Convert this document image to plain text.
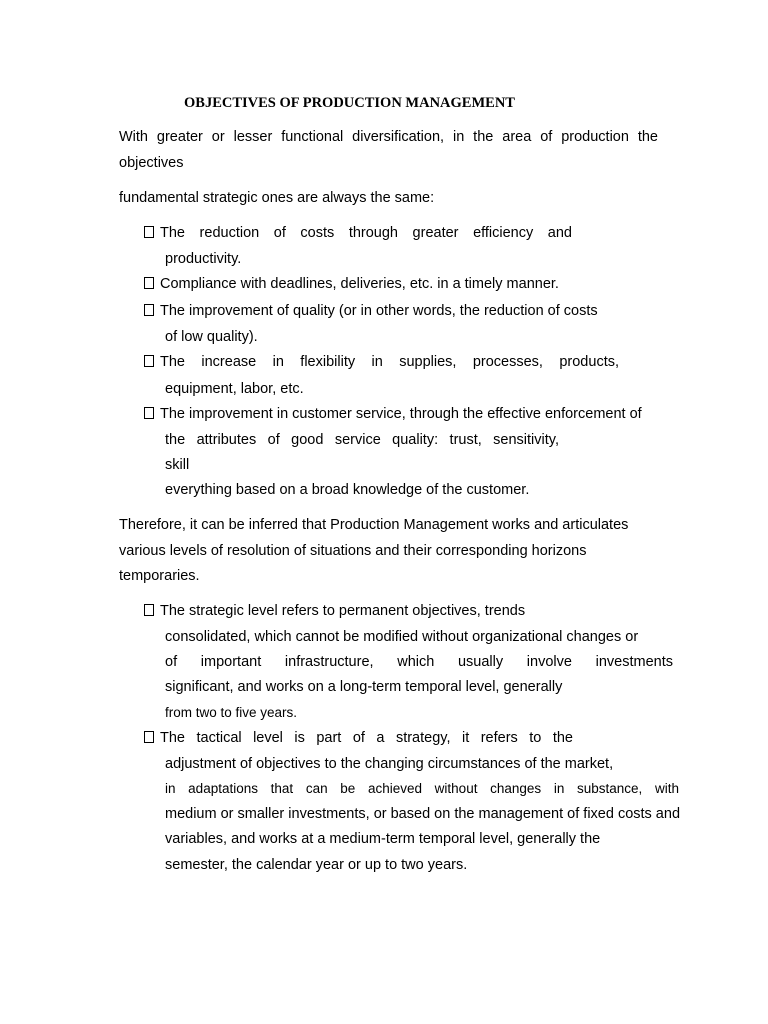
OBJECTIVES OF PRODUCTION MANAGEMENT
With greater or lesser functional diversification, in the area of production the
objectives
fundamental strategic ones are always the same:
The reduction of costs through greater efficiency and
productivity.
Compliance with deadlines, deliveries, etc. in a timely manner.
The improvement of quality (or in other words, the reduction of costs
of low quality).
The increase in flexibility in supplies, processes, products,
equipment, labor, etc.
The improvement in customer service, through the effective enforcement of
the attributes of good service quality: trust, sensitivity,
skill
everything based on a broad knowledge of the customer.
Therefore, it can be inferred that Production Management works and articulates
various levels of resolution of situations and their corresponding horizons
temporaries.
The strategic level refers to permanent objectives, trends
consolidated, which cannot be modified without organizational changes or
of important infrastructure, which usually involve investments
significant, and works on a long-term temporal level, generally
from two to five years.
The tactical level is part of a strategy, it refers to the
adjustment of objectives to the changing circumstances of the market,
in adaptations that can be achieved without changes in substance, with
medium or smaller investments, or based on the management of fixed costs and
variables, and works at a medium-term temporal level, generally the
semester, the calendar year or up to two years.
